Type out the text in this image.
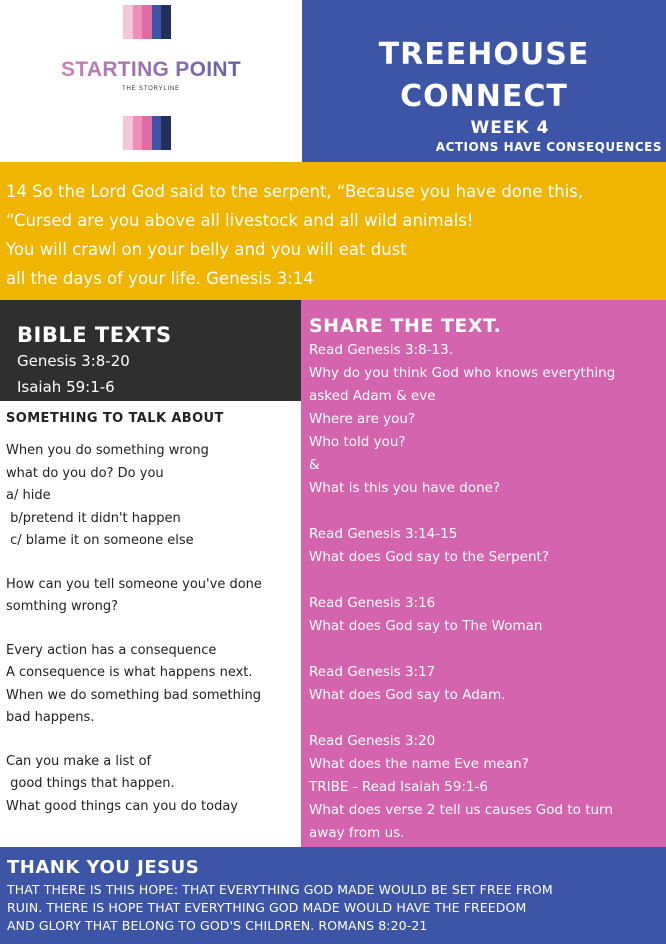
STARTING POINT
THE STORYLINE
TREEHOUSE
CONNECT
WEEK 4
ACTIONS HAVE CONSEQUENCES
14 So the Lord God said to the serpent, “Because you have done this,
“Cursed are you above all livestock and all wild animals!
You will crawl on your belly and you will eat dust
all the days of your life. Genesis 3:14
BIBLE TEXTS
Genesis 3:8-20
Isaiah 59:1-6
SOMETHING TO TALK ABOUT
When you do something wrong
what do you do? Do you
a/ hide
b/pretend it didn't happen
c/ blame it on someone else
How can you tell someone you've done
somthing wrong?
Every action has a consequence
A consequence is what happens next.
When we do something bad something
bad happens.
Can you make a list of
good things that happen.
What good things can you do today
SHARE THE TEXT.
Read Genesis 3:8-13.
Why do you think God who knows everything
asked Adam & eve
Where are you?
Who told you?
&
What is this you have done?
Read Genesis 3:14-15
What does God say to the Serpent?
Read Genesis 3:16
What does God say to The Woman
Read Genesis 3:17
What does God say to Adam.
Read Genesis 3:20
What does the name Eve mean?
TRIBE - Read Isaiah 59:1-6
What does verse 2 tell us causes God to turn
away from us.
THANK YOU JESUS
THAT THERE IS THIS HOPE: THAT EVERYTHING GOD MADE WOULD BE SET FREE FROM
RUIN. THERE IS HOPE THAT EVERYTHING GOD MADE WOULD HAVE THE FREEDOM
AND GLORY THAT BELONG TO GOD'S CHILDREN. ROMANS 8:20-21
